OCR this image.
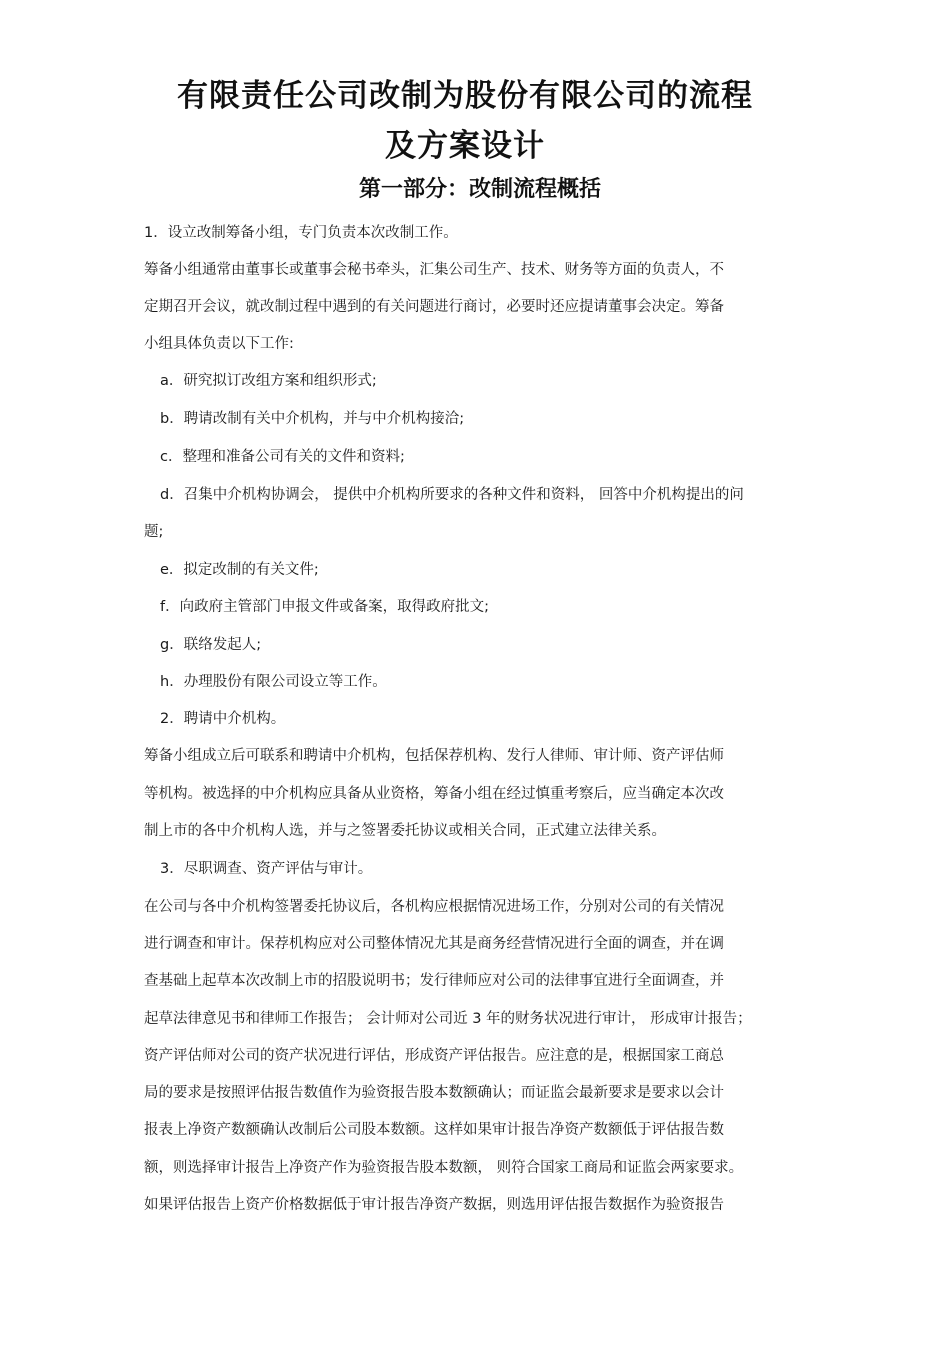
有限责任公司改制为股份有限公司的流程
及方案设计
第一部分：改制流程概括

1．设立改制筹备小组，专门负责本次改制工作。

筹备小组通常由董事长或董事会秘书牵头，汇集公司生产、技术、财务等方面的负责人，不

定期召开会议，就改制过程中遇到的有关问题进行商讨，必要时还应提请董事会决定。筹备

小组具体负责以下工作:

a．研究拟订改组方案和组织形式;

b．聘请改制有关中介机构，并与中介机构接洽;

c．整理和准备公司有关的文件和资料;

d．召集中介机构协调会， 提供中介机构所要求的各种文件和资料， 回答中介机构提出的问

题;

e．拟定改制的有关文件;

f．向政府主管部门申报文件或备案，取得政府批文;

g．联络发起人;

h．办理股份有限公司设立等工作。

2．聘请中介机构。

筹备小组成立后可联系和聘请中介机构，包括保荐机构、发行人律师、审计师、资产评估师

等机构。被选择的中介机构应具备从业资格，筹备小组在经过慎重考察后，应当确定本次改

制上市的各中介机构人选，并与之签署委托协议或相关合同，正式建立法律关系。

3．尽职调查、资产评估与审计。

在公司与各中介机构签署委托协议后，各机构应根据情况进场工作，分别对公司的有关情况

进行调查和审计。保荐机构应对公司整体情况尤其是商务经营情况进行全面的调查，并在调

查基础上起草本次改制上市的招股说明书；发行律师应对公司的法律事宜进行全面调查，并

起草法律意见书和律师工作报告； 会计师对公司近 3 年的财务状况进行审计， 形成审计报告；

资产评估师对公司的资产状况进行评估，形成资产评估报告。应注意的是，根据国家工商总

局的要求是按照评估报告数值作为验资报告股本数额确认；而证监会最新要求是要求以会计

报表上净资产数额确认改制后公司股本数额。这样如果审计报告净资产数额低于评估报告数

额，则选择审计报告上净资产作为验资报告股本数额， 则符合国家工商局和证监会两家要求。

如果评估报告上资产价格数据低于审计报告净资产数据，则选用评估报告数据作为验资报告
